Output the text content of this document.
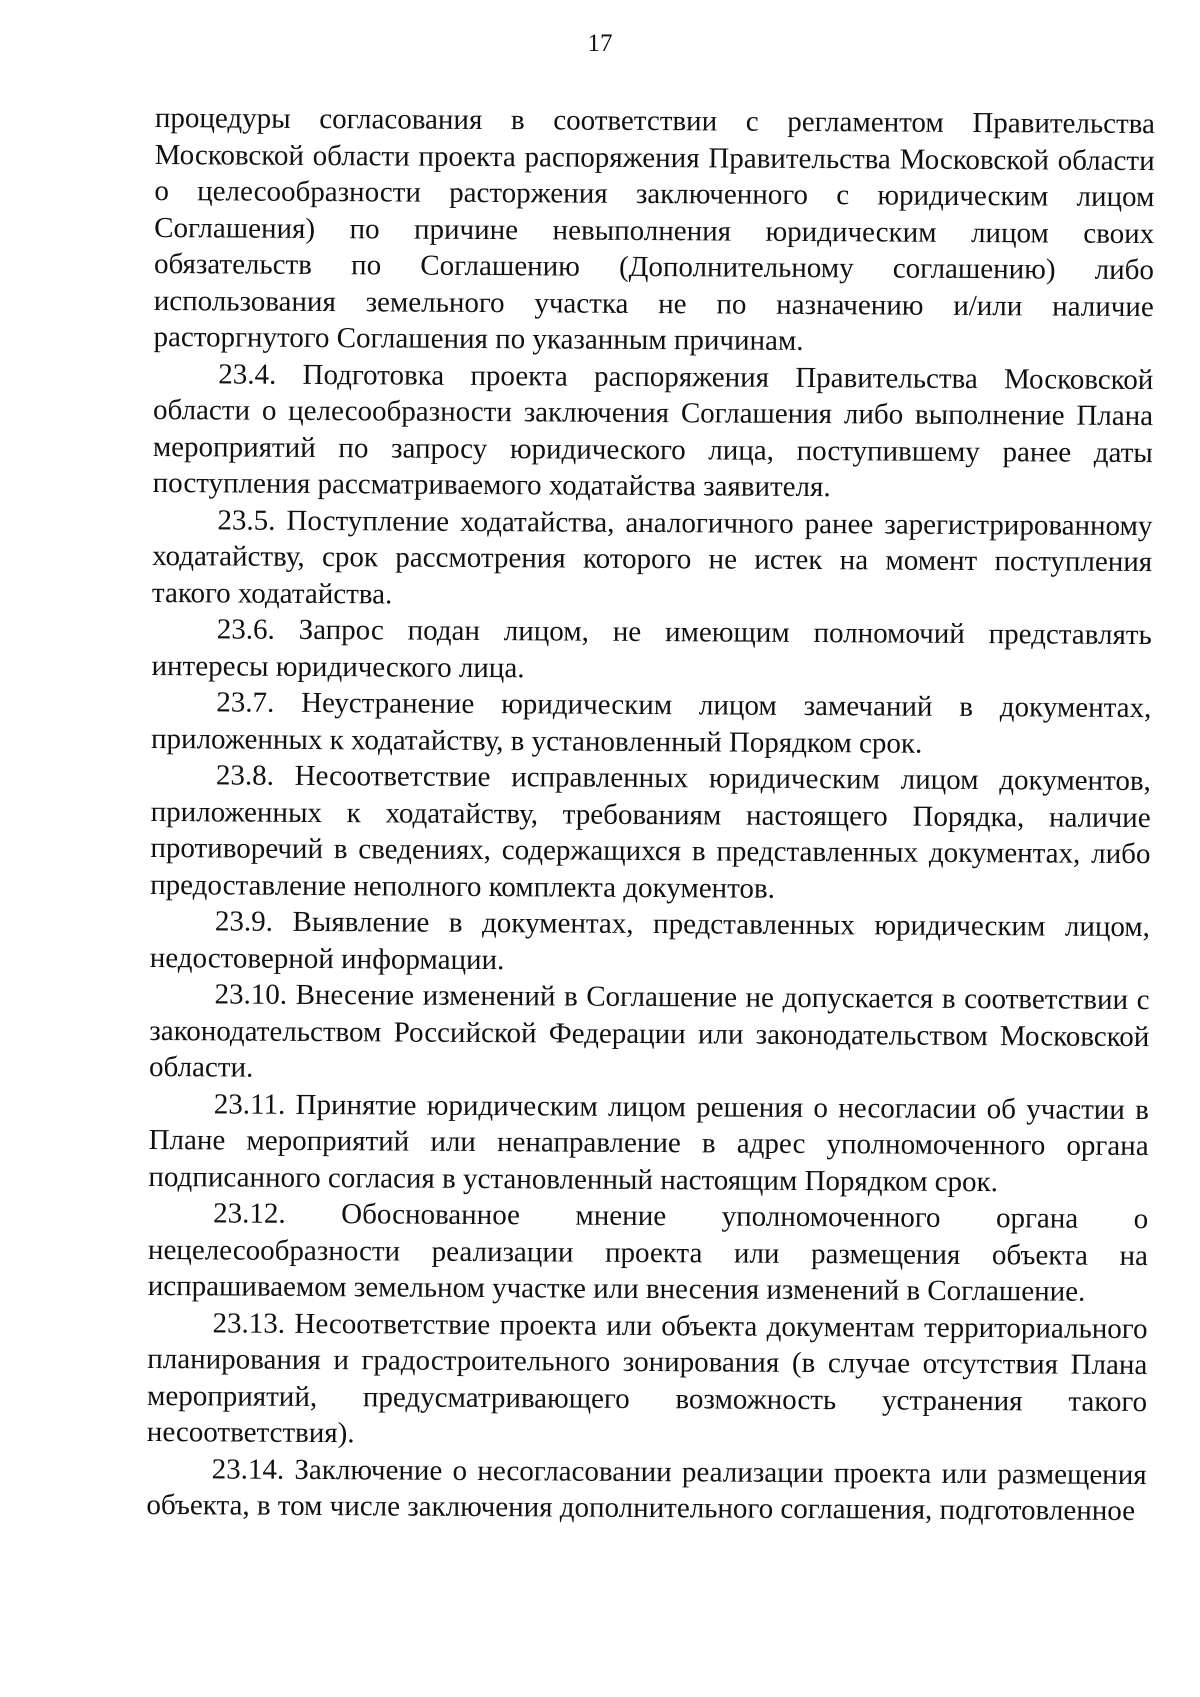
17

процедуры согласования в соответствии с регламентом Правительства Московской области проекта распоряжения Правительства Московской области о целесообразности расторжения заключенного с юридическим лицом Соглашения) по причине невыполнения юридическим лицом своих обязательств по Соглашению (Дополнительному соглашению) либо использования земельного участка не по назначению и/или наличие расторгнутого Соглашения по указанным причинам.

23.4. Подготовка проекта распоряжения Правительства Московской области о целесообразности заключения Соглашения либо выполнение Плана мероприятий по запросу юридического лица, поступившему ранее даты поступления рассматриваемого ходатайства заявителя.

23.5. Поступление ходатайства, аналогичного ранее зарегистрированному ходатайству, срок рассмотрения которого не истек на момент поступления такого ходатайства.

23.6. Запрос подан лицом, не имеющим полномочий представлять интересы юридического лица.

23.7. Неустранение юридическим лицом замечаний в документах, приложенных к ходатайству, в установленный Порядком срок.

23.8. Несоответствие исправленных юридическим лицом документов, приложенных к ходатайству, требованиям настоящего Порядка, наличие противоречий в сведениях, содержащихся в представленных документах, либо предоставление неполного комплекта документов.

23.9. Выявление в документах, представленных юридическим лицом, недостоверной информации.

23.10. Внесение изменений в Соглашение не допускается в соответствии с законодательством Российской Федерации или законодательством Московской области.

23.11. Принятие юридическим лицом решения о несогласии об участии в Плане мероприятий или ненаправление в адрес уполномоченного органа подписанного согласия в установленный настоящим Порядком срок.

23.12. Обоснованное мнение уполномоченного органа о нецелесообразности реализации проекта или размещения объекта на испрашиваемом земельном участке или внесения изменений в Соглашение.

23.13. Несоответствие проекта или объекта документам территориального планирования и градостроительного зонирования (в случае отсутствия Плана мероприятий, предусматривающего возможность устранения такого несоответствия).

23.14. Заключение о несогласовании реализации проекта или размещения объекта, в том числе заключения дополнительного соглашения, подготовленное
